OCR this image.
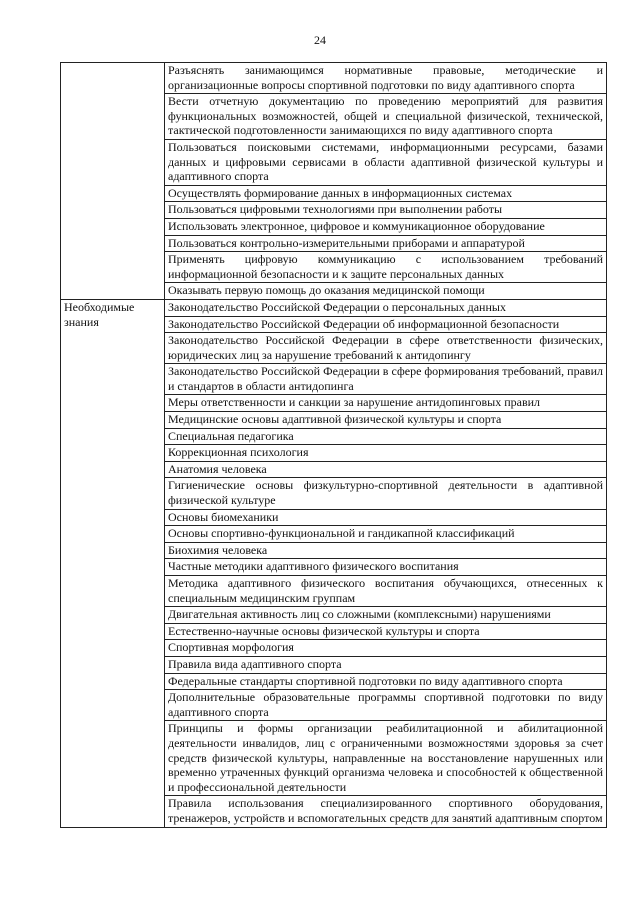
24
	Разъяснять занимающимся нормативные правовые, методические и организационные вопросы спортивной подготовки по виду адаптивного спорта
	Вести отчетную документацию по проведению мероприятий для развития функциональных возможностей, общей и специальной физической, технической, тактической подготовленности занимающихся по виду адаптивного спорта
	Пользоваться поисковыми системами, информационными ресурсами, базами данных и цифровыми сервисами в области адаптивной физической культуры и адаптивного спорта
	Осуществлять формирование данных в информационных системах
	Пользоваться цифровыми технологиями при выполнении работы
	Использовать электронное, цифровое и коммуникационное оборудование
	Пользоваться контрольно-измерительными приборами и аппаратурой
	Применять цифровую коммуникацию с использованием требований информационной безопасности и к защите персональных данных
	Оказывать первую помощь до оказания медицинской помощи
Необходимые знания	Законодательство Российской Федерации о персональных данных
	Законодательство Российской Федерации об информационной безопасности
	Законодательство Российской Федерации в сфере ответственности физических, юридических лиц за нарушение требований к антидопингу
	Законодательство Российской Федерации в сфере формирования требований, правил и стандартов в области антидопинга
	Меры ответственности и санкции за нарушение антидопинговых правил
	Медицинские основы адаптивной физической культуры и спорта
	Специальная педагогика
	Коррекционная психология
	Анатомия человека
	Гигиенические основы физкультурно-спортивной деятельности в адаптивной физической культуре
	Основы биомеханики
	Основы спортивно-функциональной и гандикапной классификаций
	Биохимия человека
	Частные методики адаптивного физического воспитания
	Методика адаптивного физического воспитания обучающихся, отнесенных к специальным медицинским группам
	Двигательная активность лиц со сложными (комплексными) нарушениями
	Естественно-научные основы физической культуры и спорта
	Спортивная морфология
	Правила вида адаптивного спорта
	Федеральные стандарты спортивной подготовки по виду адаптивного спорта
	Дополнительные образовательные программы спортивной подготовки по виду адаптивного спорта
	Принципы и формы организации реабилитационной и абилитационной деятельности инвалидов, лиц с ограниченными возможностями здоровья за счет средств физической культуры, направленные на восстановление нарушенных или временно утраченных функций организма человека и способностей к общественной и профессиональной деятельности
	Правила использования специализированного спортивного оборудования, тренажеров, устройств и вспомогательных средств для занятий адаптивным спортом
